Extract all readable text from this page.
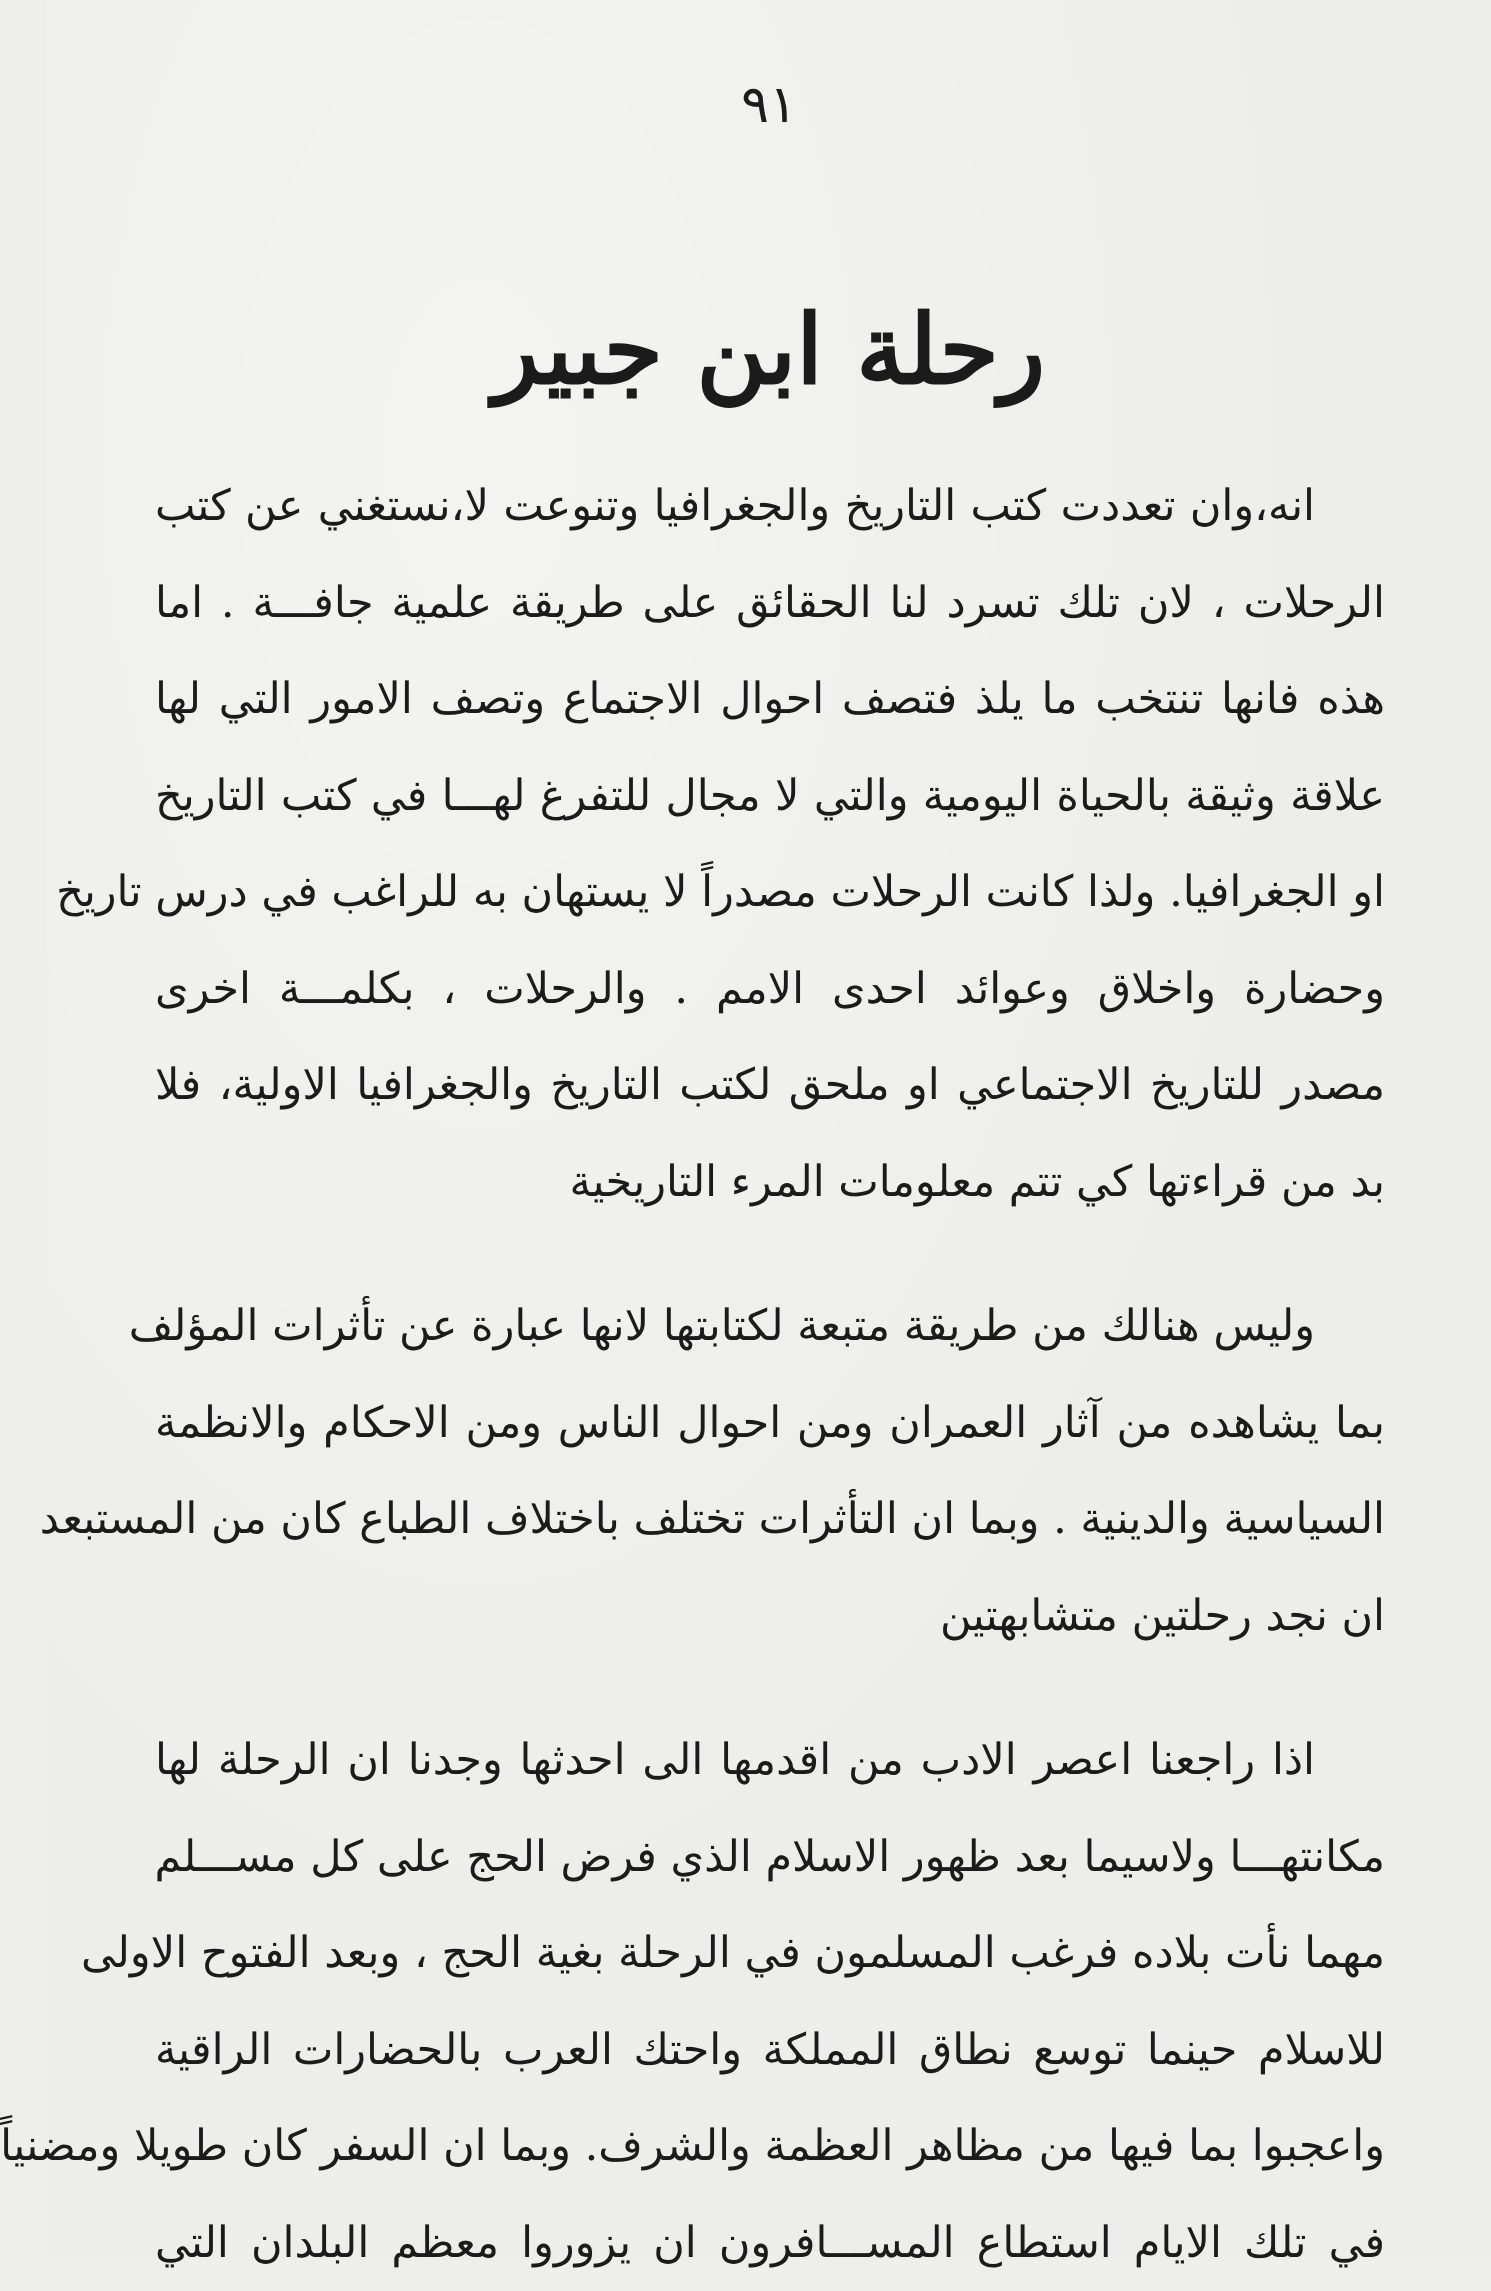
٩١
رحلة ابن جبير
انه،وان تعددت كتب التاريخ والجغرافيا وتنوعت لا،نستغني عن كتب
الرحلات ، لان تلك تسرد لنا الحقائق على طريقة علمية جافـــة . اما
هذه فانها تنتخب ما يلذ فتصف احوال الاجتماع وتصف الامور التي لها
علاقة وثيقة بالحياة اليومية والتي لا مجال للتفرغ لهـــا في كتب التاريخ
او الجغرافيا. ولذا كانت الرحلات مصدراً لا يستهان به للراغب في درس تاريخ
وحضارة واخلاق وعوائد احدى الامم . والرحلات ، بكلمـــة اخرى
مصدر للتاريخ الاجتماعي او ملحق لكتب التاريخ والجغرافيا الاولية، فلا
بد من قراءتها كي تتم معلومات المرء التاريخية
وليس هنالك من طريقة متبعة لكتابتها لانها عبارة عن تأثرات المؤلف
بما يشاهده من آثار العمران ومن احوال الناس ومن الاحكام والانظمة
السياسية والدينية . وبما ان التأثرات تختلف باختلاف الطباع كان من المستبعد
ان نجد رحلتين متشابهتين
اذا راجعنا اعصر الادب من اقدمها الى احدثها وجدنا ان الرحلة لها
مكانتهـــا ولاسيما بعد ظهور الاسلام الذي فرض الحج على كل مســـلم
مهما نأت بلاده فرغب المسلمون في الرحلة بغية الحج ، وبعد الفتوح الاولى
للاسلام حينما توسع نطاق المملكة واحتك العرب بالحضارات الراقية
واعجبوا بما فيها من مظاهر العظمة والشرف. وبما ان السفر كان طويلا ومضنياً
في تلك الايام استطاع المســـافرون ان يزوروا معظم البلدان التي
